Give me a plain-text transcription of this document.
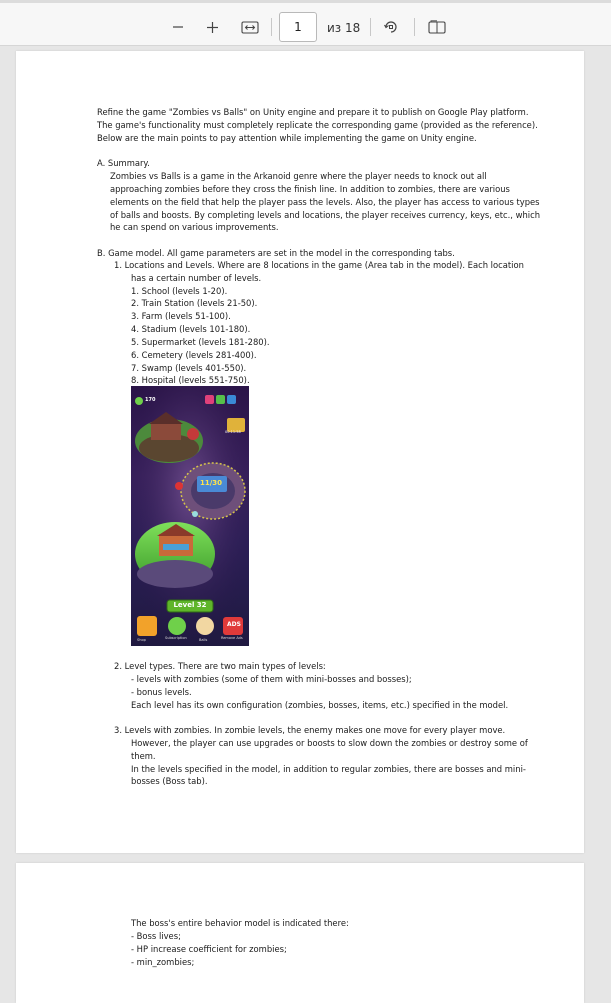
1	из 18
Refine the game "Zombies vs Balls" on Unity engine and prepare it to publish on Google Play platform.
The game's functionality must completely replicate the corresponding game (provided as the reference).
Below are the main points to pay attention while implementing the game on Unity engine.
A. Summary.
Zombies vs Balls is a game in the Arkanoid genre where the player needs to knock out all
approaching zombies before they cross the finish line. In addition to zombies, there are various
elements on the field that help the player pass the levels. Also, the player has access to various types
of balls and boosts. By completing levels and locations, the player receives currency, keys, etc., which
he can spend on various improvements.
B. Game model. All game parameters are set in the model in the corresponding tabs.
1. Locations and Levels. Where are 8 locations in the game (Area tab in the model). Each location
has a certain number of levels.
1. School (levels 1-20).
2. Train Station (levels 21-50).
3. Farm (levels 51-100).
4. Stadium (levels 101-180).
5. Supermarket (levels 181-280).
6. Cemetery (levels 281-400).
7. Swamp (levels 401-550).
8. Hospital (levels 551-750).
2. Level types. There are two main types of levels:
- levels with zombies (some of them with mini-bosses and bosses);
- bonus levels.
Each level has its own configuration (zombies, bosses, items, etc.) specified in the model.
3. Levels with zombies. In zombie levels, the enemy makes one move for every player move.
However, the player can use upgrades or boosts to slow down the zombies or destroy some of
them.
In the levels specified in the model, in addition to regular zombies, there are bosses and mini-
bosses (Boss tab).
170
00:11:58
11/30
Level 32
ADS
Shop	Subscription	Balls	Remove Ads
The boss's entire behavior model is indicated there:
- Boss lives;
- HP increase coefficient for zombies;
- min_zombies;
